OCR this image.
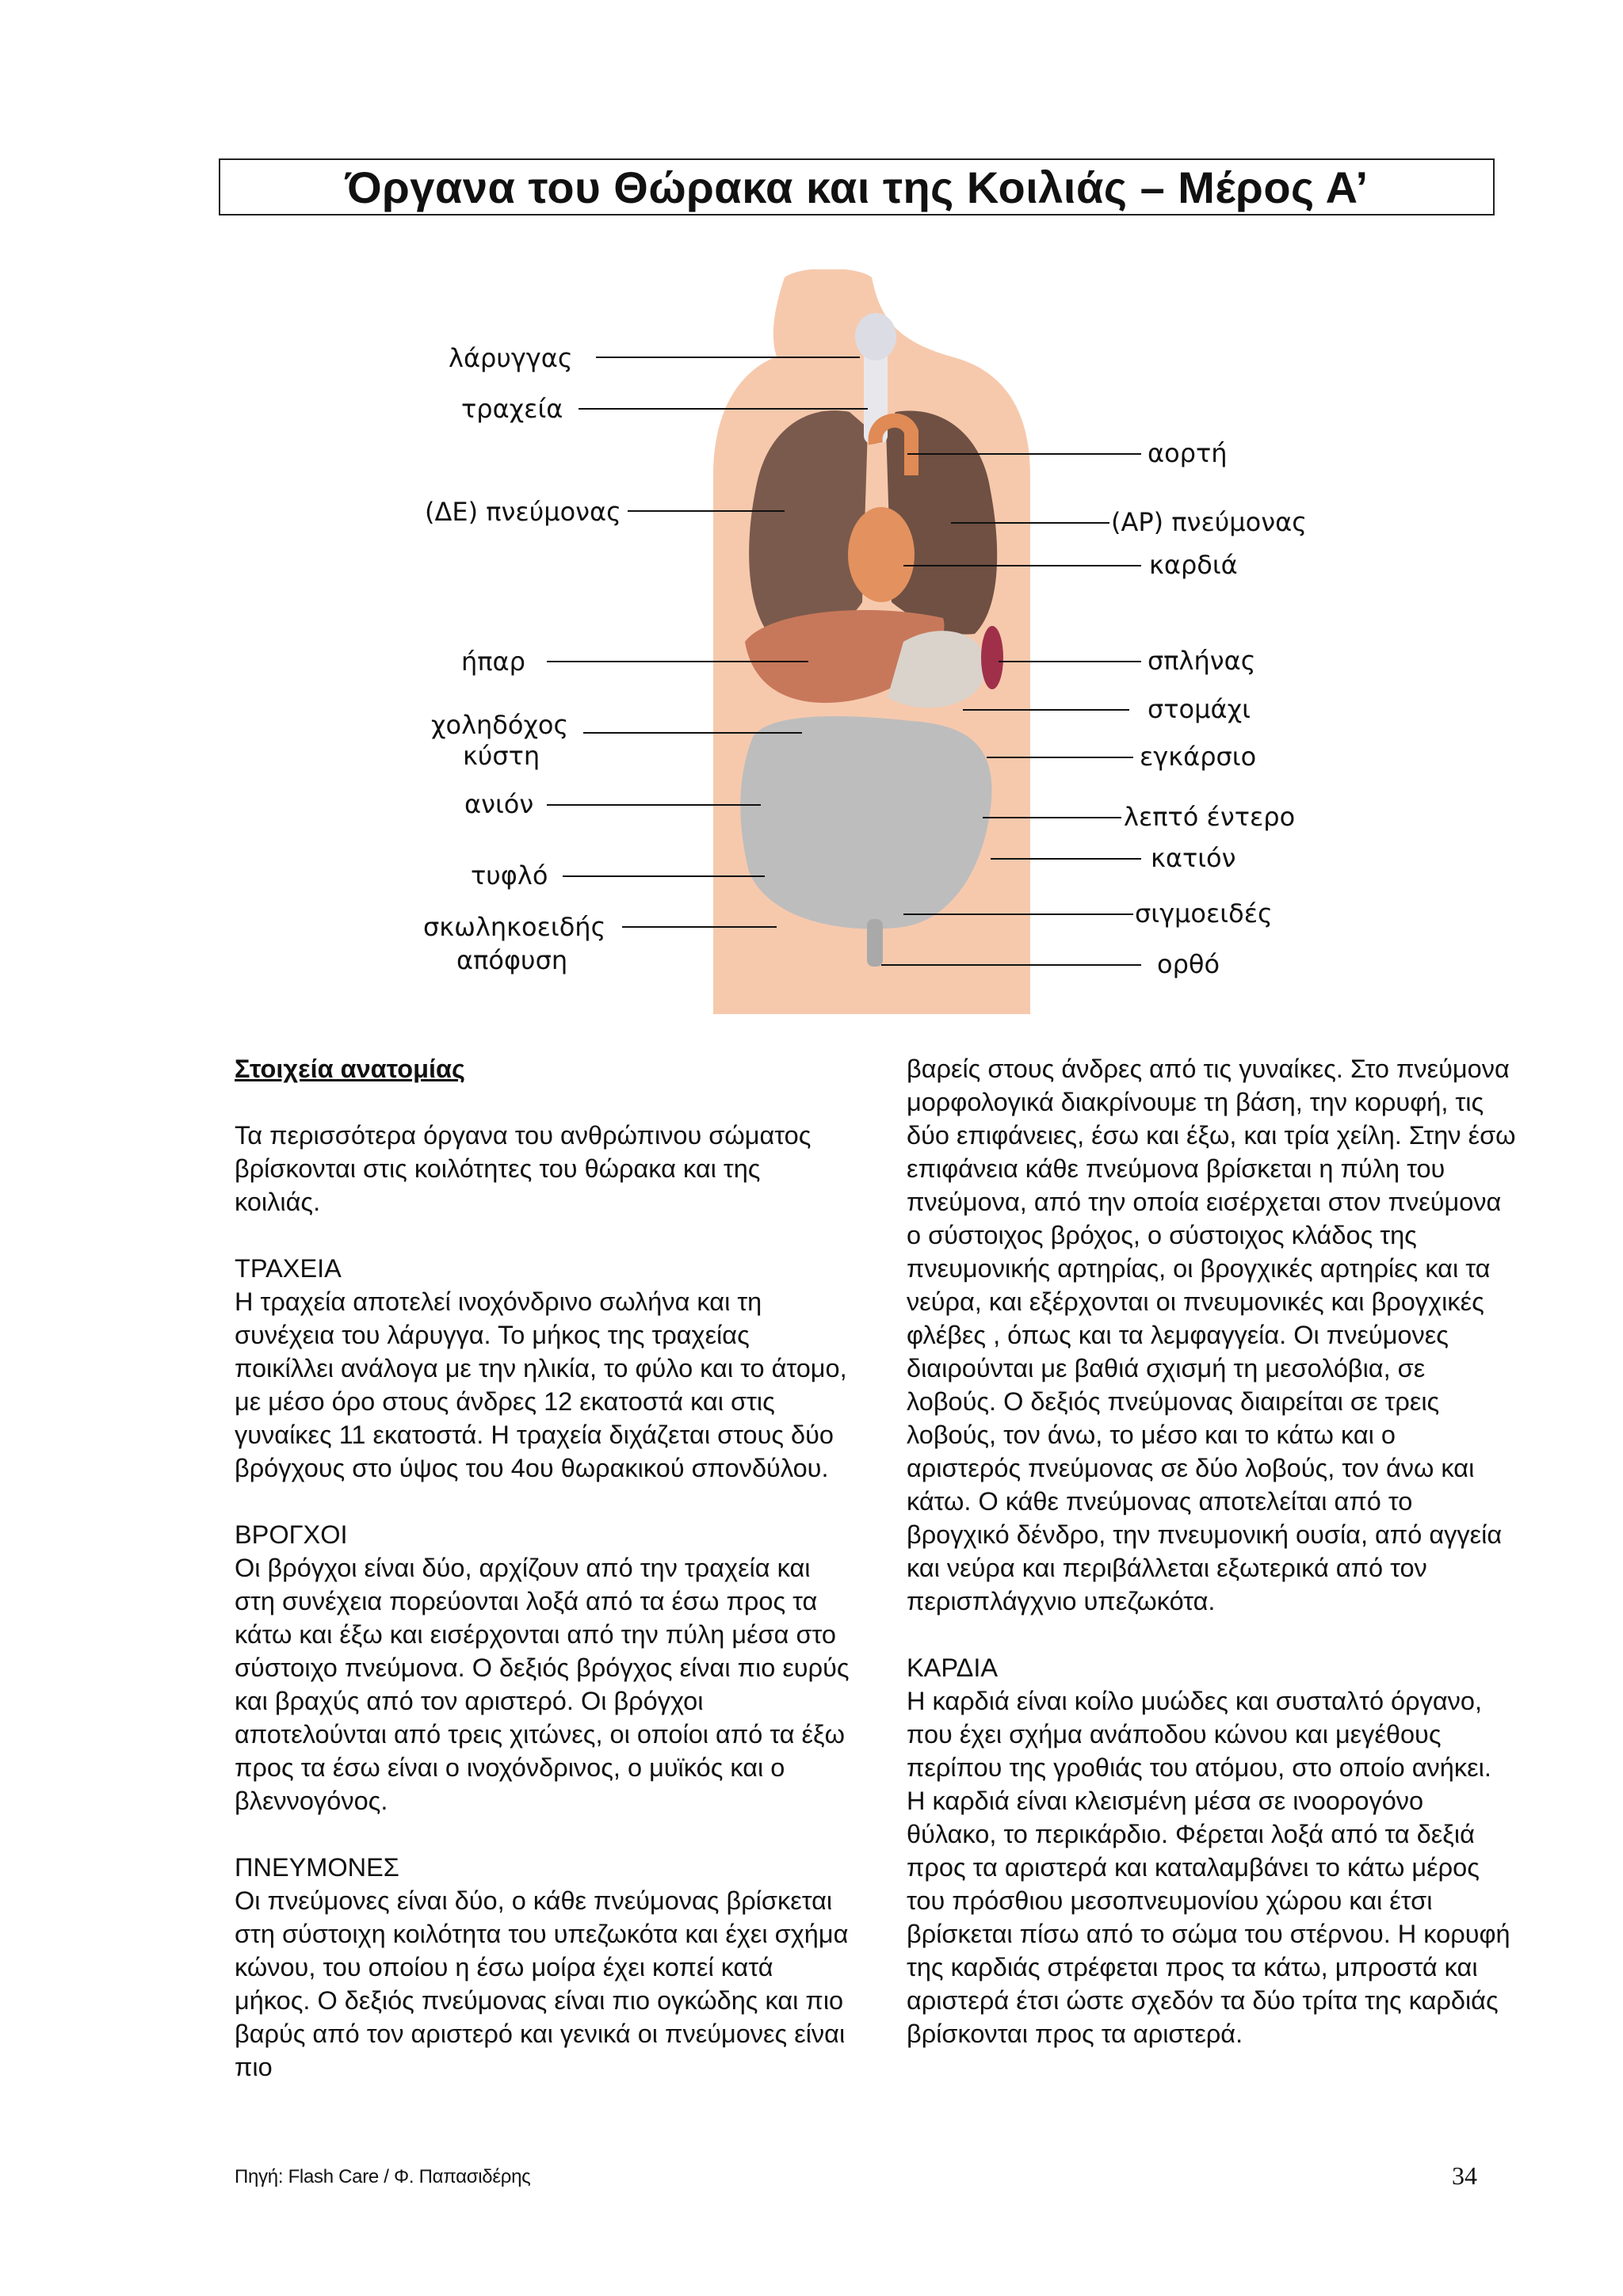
Όργανα του Θώρακα και της Κοιλιάς – Μέρος Α’
λάρυγγας
τραχεία
(ΔΕ) πνεύμονας
ήπαρ
χοληδόχος
κύστη
ανιόν
τυφλό
σκωληκοειδής
απόφυση
αορτή
(ΑΡ) πνεύμονας
καρδιά
σπλήνας
στομάχι
εγκάρσιο
λεπτό έντερο
κατιόν
σιγμοειδές
ορθό

Στοιχεία ανατομίας

Τα περισσότερα όργανα του ανθρώπινου σώματος βρίσκονται στις κοιλότητες του θώρακα και της κοιλιάς.

ΤΡΑΧΕΙΑ

Η τραχεία αποτελεί ινοχόνδρινο σωλήνα και τη συνέχεια του λάρυγγα. Το μήκος της τραχείας ποικίλλει ανάλογα με την ηλικία, το φύλο και το άτομο, με μέσο όρο στους άνδρες 12 εκατοστά και στις γυναίκες 11 εκατοστά. Η τραχεία διχάζεται στους δύο βρόγχους στο ύψος του 4ου θωρακικού σπονδύλου.

ΒΡΟΓΧΟΙ

Οι βρόγχοι είναι δύο, αρχίζουν από την τραχεία και στη συνέχεια πορεύονται λοξά από τα έσω προς τα κάτω και έξω και εισέρχονται από την πύλη μέσα στο σύστοιχο πνεύμονα. Ο δεξιός βρόγχος είναι πιο ευρύς και βραχύς από τον αριστερό. Οι βρόγχοι αποτελούνται από τρεις χιτώνες, οι οποίοι από τα έξω προς τα έσω είναι ο ινοχόνδρινος, ο μυϊκός και ο βλεννογόνος.

ΠΝΕΥΜΟΝΕΣ

Οι πνεύμονες είναι δύο, ο κάθε πνεύμονας βρίσκεται στη σύστοιχη κοιλότητα του υπεζωκότα και έχει σχήμα κώνου, του οποίου η έσω μοίρα έχει κοπεί κατά μήκος. Ο δεξιός πνεύμονας είναι πιο ογκώδης και πιο βαρύς από τον αριστερό και γενικά οι πνεύμονες είναι πιο

βαρείς στους άνδρες από τις γυναίκες. Στο πνεύμονα μορφολογικά διακρίνουμε τη βάση, την κορυφή, τις δύο επιφάνειες, έσω και έξω, και τρία χείλη. Στην έσω επιφάνεια κάθε πνεύμονα βρίσκεται η πύλη του πνεύμονα, από την οποία εισέρχεται στον πνεύμονα ο σύστοιχος βρόχος, ο σύστοιχος κλάδος της πνευμονικής αρτηρίας, οι βρογχικές αρτηρίες και τα νεύρα, και εξέρχονται οι πνευμονικές και βρογχικές φλέβες , όπως και τα λεμφαγγεία. Οι πνεύμονες διαιρούνται με βαθιά σχισμή τη μεσολόβια, σε λοβούς. Ο δεξιός πνεύμονας διαιρείται σε τρεις λοβούς, τον άνω, το μέσο και το κάτω και ο αριστερός πνεύμονας σε δύο λοβούς, τον άνω και κάτω. Ο κάθε πνεύμονας αποτελείται από το βρογχικό δένδρο, την πνευμονική ουσία, από αγγεία και νεύρα και περιβάλλεται εξωτερικά από τον περισπλάγχνιο υπεζωκότα.

ΚΑΡΔΙΑ

Η καρδιά είναι κοίλο μυώδες και συσταλτό όργανο, που έχει σχήμα ανάποδου κώνου και μεγέθους περίπου της γροθιάς του ατόμου, στο οποίο ανήκει. Η καρδιά είναι κλεισμένη μέσα σε ινοορογόνο θύλακο, το περικάρδιο. Φέρεται λοξά από τα δεξιά προς τα αριστερά και καταλαμβάνει το κάτω μέρος του πρόσθιου μεσοπνευμονίου χώρου και έτσι βρίσκεται πίσω από το σώμα του στέρνου. Η κορυφή της καρδιάς στρέφεται προς τα κάτω, μπροστά και αριστερά έτσι ώστε σχεδόν τα δύο τρίτα της καρδιάς βρίσκονται προς τα αριστερά.

Πηγή: Flash Care / Φ. Παπασιδέρης	34
